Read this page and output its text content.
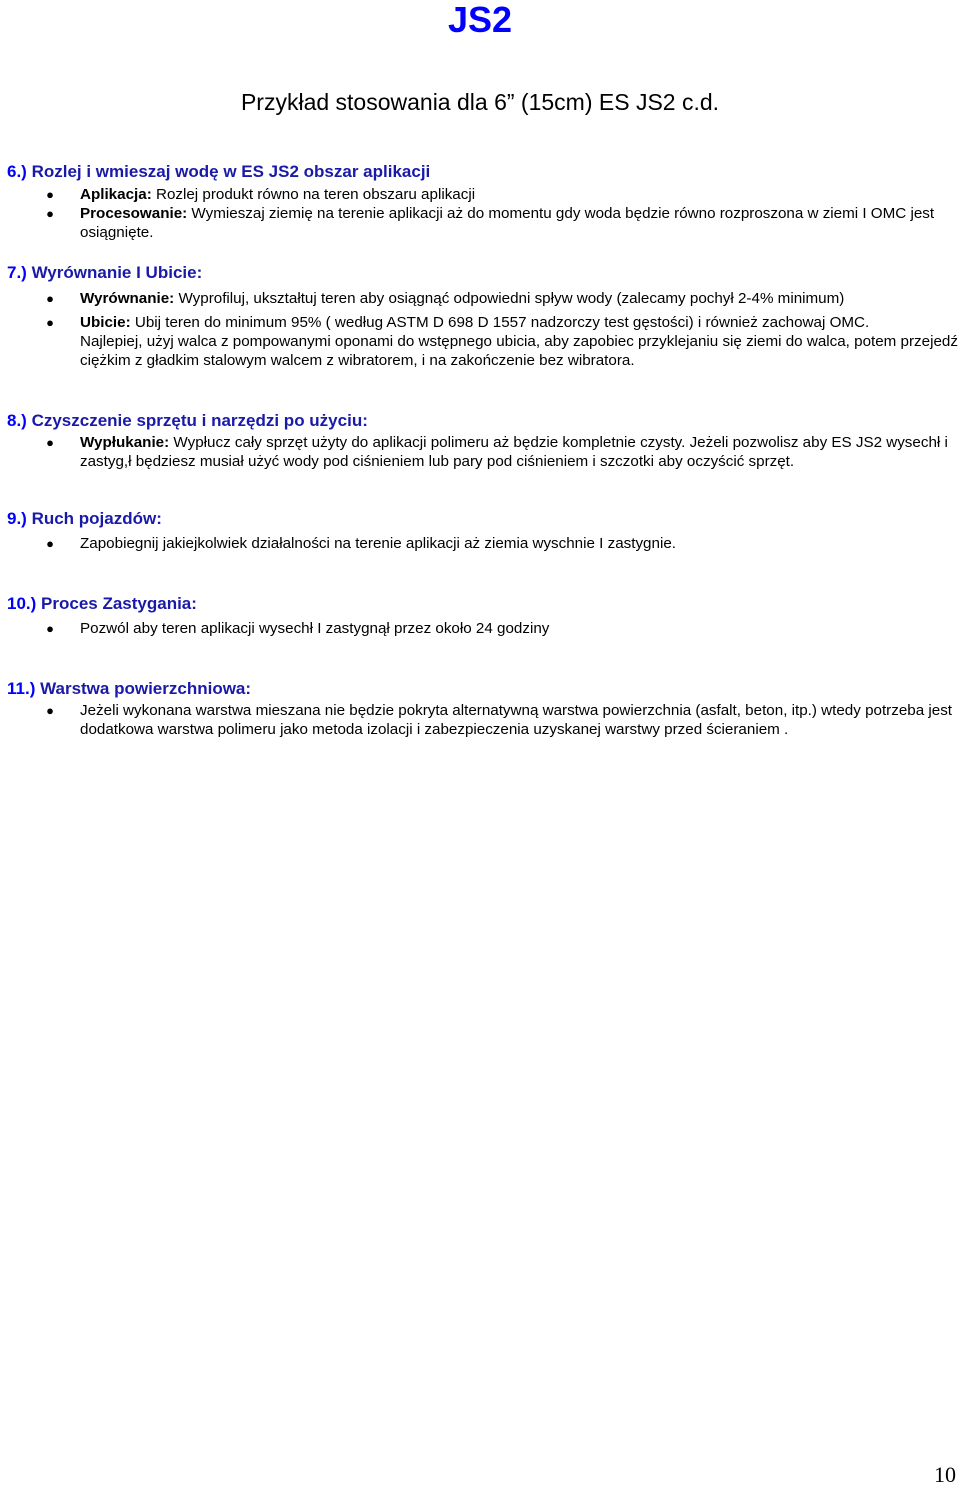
JS2
Przykład stosowania dla 6” (15cm) ES JS2 c.d.
6.) Rozlej i wmieszaj wodę w ES JS2 obszar aplikacji
● Aplikacja: Rozlej produkt równo na teren obszaru aplikacji
● Procesowanie: Wymieszaj ziemię na terenie aplikacji aż do momentu gdy woda będzie równo rozproszona w ziemi I OMC jest osiągnięte.
7.) Wyrównanie I Ubicie:
● Wyrównanie: Wyprofiluj, ukształtuj teren aby osiągnąć odpowiedni spływ wody (zalecamy pochył 2-4% minimum)
● Ubicie: Ubij teren do minimum 95% ( według ASTM D 698 D 1557 nadzorczy test gęstości) i również zachowaj OMC.
Najlepiej, użyj walca z pompowanymi oponami do wstępnego ubicia, aby zapobiec przyklejaniu się ziemi do walca, potem przejedź ciężkim z gładkim stalowym walcem z wibratorem, i na zakończenie bez wibratora.
8.) Czyszczenie sprzętu i narzędzi po użyciu:
● Wypłukanie: Wypłucz cały sprzęt użyty do aplikacji polimeru aż będzie kompletnie czysty. Jeżeli pozwolisz aby ES JS2 wysechł i zastyg,ł będziesz musiał użyć wody pod ciśnieniem lub pary pod ciśnieniem i szczotki aby oczyścić sprzęt.
9.) Ruch pojazdów:
● Zapobiegnij jakiejkolwiek działalności na terenie aplikacji aż ziemia wyschnie I zastygnie.
10.) Proces Zastygania:
● Pozwól aby teren aplikacji wysechł I zastygnął przez około 24 godziny
11.) Warstwa powierzchniowa:
● Jeżeli wykonana warstwa mieszana nie będzie pokryta alternatywną warstwa powierzchnia (asfalt, beton, itp.) wtedy potrzeba jest dodatkowa warstwa polimeru jako metoda izolacji i zabezpieczenia uzyskanej warstwy przed ścieraniem .
10
